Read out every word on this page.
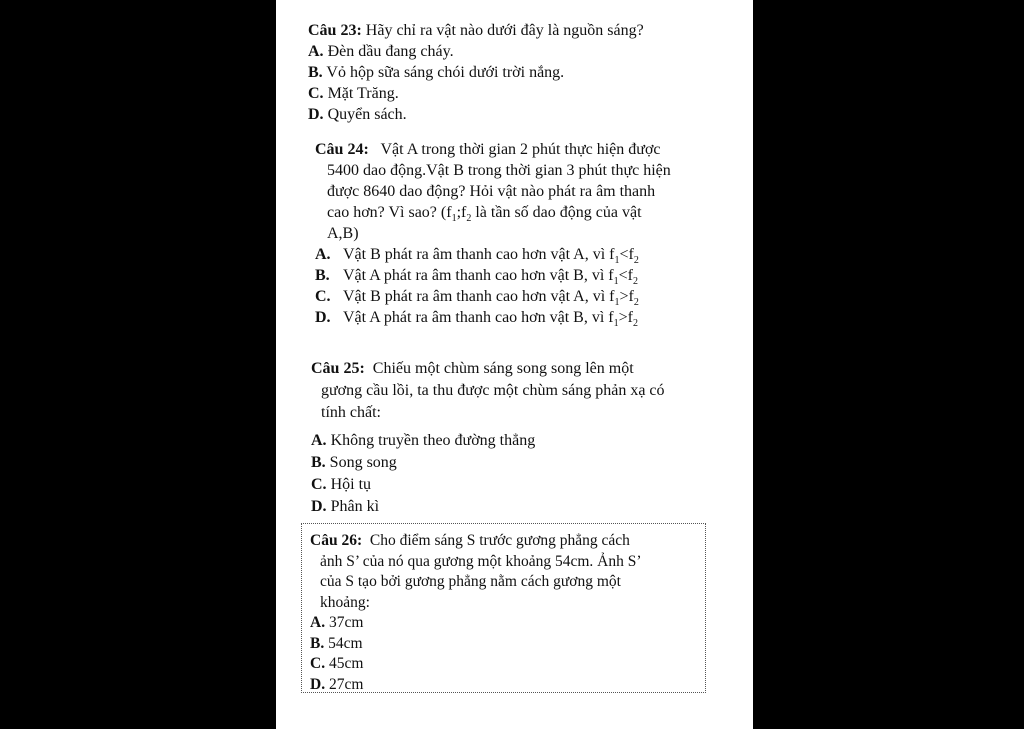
Câu 23: Hãy chỉ ra vật nào dưới đây là nguồn sáng?
A. Đèn dầu đang cháy.
B. Vỏ hộp sữa sáng chói dưới trời nắng.
C. Mặt Trăng.
D. Quyển sách.
Câu 24:   Vật A trong thời gian 2 phút thực hiện được
5400 dao động.Vật B trong thời gian 3 phút thực hiện
được 8640 dao động? Hỏi vật nào phát ra âm thanh
cao hơn? Vì sao? ($f_1;f_2$ là tần số dao động của vật
A,B)
A. Vật B phát ra âm thanh cao hơn vật A, vì $f_1<f_2$
B. Vật A phát ra âm thanh cao hơn vật B, vì $f_1<f_2$
C. Vật B phát ra âm thanh cao hơn vật A, vì $f_1>f_2$
D. Vật A phát ra âm thanh cao hơn vật B, vì $f_1>f_2$
Câu 25:  Chiếu một chùm sáng song song lên một
gương cầu lồi, ta thu được một chùm sáng phản xạ có
tính chất:
A. Không truyền theo đường thẳng
B. Song song
C. Hội tụ
D. Phân kì
Câu 26:  Cho điểm sáng S trước gương phẳng cách
ảnh S’ của nó qua gương một khoảng 54cm. Ảnh S’
của S tạo bởi gương phẳng nằm cách gương một
khoảng:
A. 37cm
B. 54cm
C. 45cm
D. 27cm
